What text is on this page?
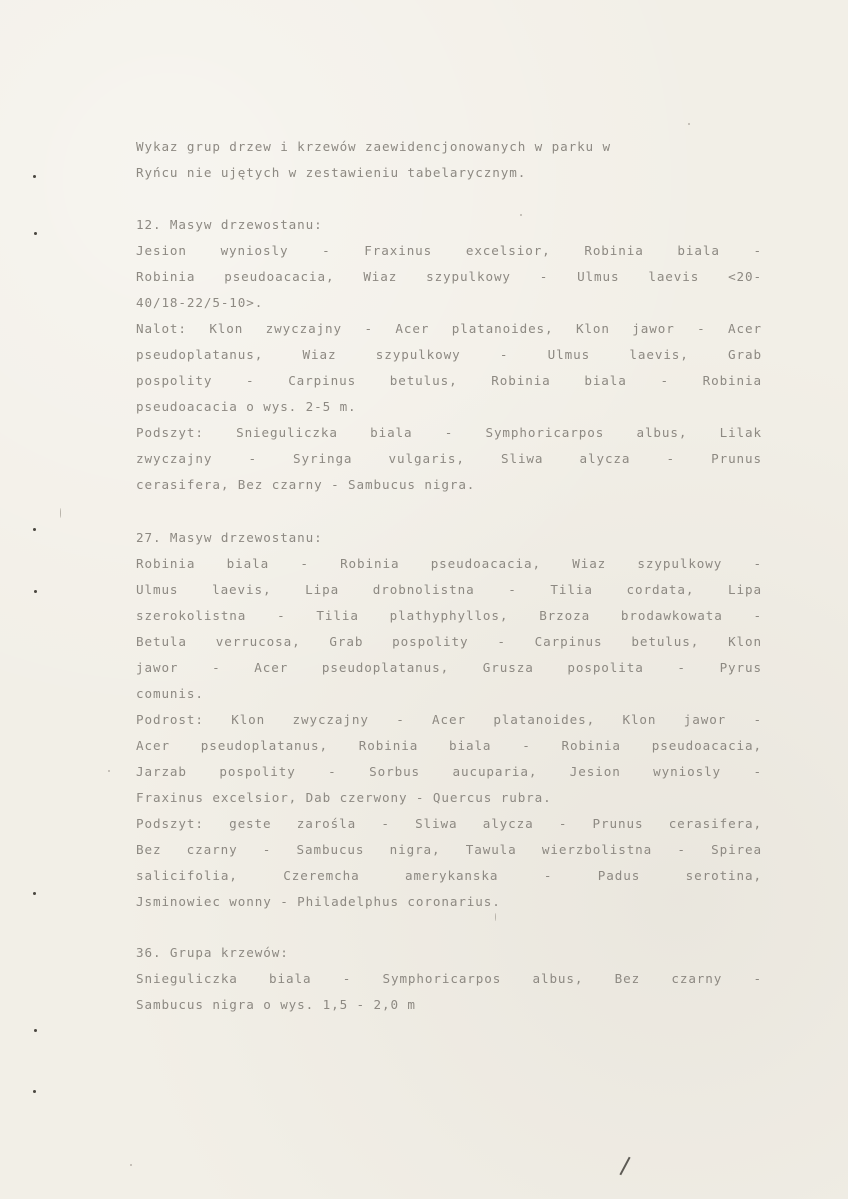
Wykaz grup drzew i krzewów zaewidencjonowanych w parku w
Ryńcu nie ujętych w zestawieniu tabelarycznym.
12. Masyw drzewostanu:
Jesion wyniosly - Fraxinus excelsior, Robinia biala -
Robinia pseudoacacia, Wiaz szypulkowy - Ulmus laevis <20-
40/18-22/5-10>.
Nalot: Klon zwyczajny - Acer platanoides, Klon jawor - Acer
pseudoplatanus, Wiaz szypulkowy - Ulmus laevis, Grab
pospolity - Carpinus betulus, Robinia biala - Robinia
pseudoacacia o wys. 2-5 m.
Podszyt: Snieguliczka biala - Symphoricarpos albus, Lilak
zwyczajny - Syringa vulgaris, Sliwa alycza - Prunus
cerasifera, Bez czarny - Sambucus nigra.
27. Masyw drzewostanu:
Robinia biala - Robinia pseudoacacia, Wiaz szypulkowy -
Ulmus laevis, Lipa drobnolistna - Tilia cordata, Lipa
szerokolistna - Tilia plathyphyllos, Brzoza brodawkowata -
Betula verrucosa, Grab pospolity - Carpinus betulus, Klon
jawor - Acer pseudoplatanus, Grusza pospolita - Pyrus
comunis.
Podrost: Klon zwyczajny - Acer platanoides, Klon jawor -
Acer pseudoplatanus, Robinia biala - Robinia pseudoacacia,
Jarzab pospolity - Sorbus aucuparia, Jesion wyniosly -
Fraxinus excelsior, Dab czerwony - Quercus rubra.
Podszyt: geste zarośla - Sliwa alycza - Prunus cerasifera,
Bez czarny - Sambucus nigra, Tawula wierzbolistna - Spirea
salicifolia, Czeremcha amerykanska - Padus serotina,
Jsminowiec wonny - Philadelphus coronarius.
36. Grupa krzewów:
Snieguliczka biala - Symphoricarpos albus, Bez czarny -
Sambucus nigra o wys. 1,5 - 2,0 m
